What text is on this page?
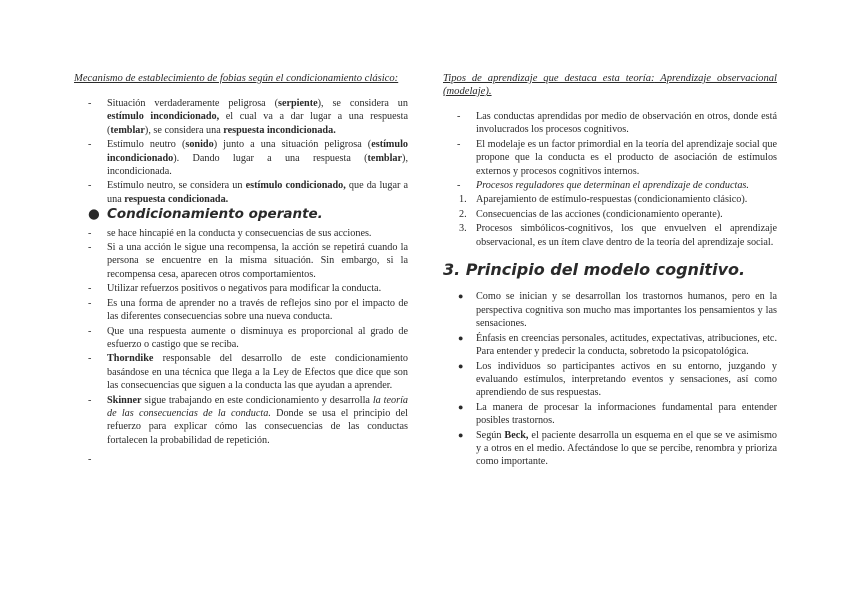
Mecanismo de establecimiento de fobias según el condicionamiento clásico:
- Situación verdaderamente peligrosa (serpiente), se considera un estímulo incondicionado, el cual va a dar lugar a una respuesta (temblar), se considera una respuesta incondicionada.
- Estímulo neutro (sonido) junto a una situación peligrosa (estímulo incondicionado). Dando lugar a una respuesta (temblar), incondicionada.
- Estímulo neutro, se considera un estímulo condicionado, que da lugar a una respuesta condicionada.
● Condicionamiento operante.
- se hace hincapié en la conducta y consecuencias de sus acciones.
- Si a una acción le sigue una recompensa, la acción se repetirá cuando la persona se encuentre en la misma situación. Sin embargo, si la recompensa cesa, aparecen otros comportamientos.
- Utilizar refuerzos positivos o negativos para modificar la conducta.
- Es una forma de aprender no a través de reflejos sino por el impacto de las diferentes consecuencias sobre una nueva conducta.
- Que una respuesta aumente o disminuya es proporcional al grado de esfuerzo o castigo que se reciba.
- Thorndike responsable del desarrollo de este condicionamiento basándose en una técnica que llega a la Ley de Efectos que dice que son las consecuencias que siguen a la conducta las que ayudan a aprender.
- Skinner sigue trabajando en este condicionamiento y desarrolla la teoría de las consecuencias de la conducta. Donde se usa el principio del refuerzo para explicar cómo las consecuencias de las conductas fortalecen la probabilidad de repetición.
-

Tipos de aprendizaje que destaca esta teoría: Aprendizaje observacional (modelaje).
- Las conductas aprendidas por medio de observación en otros, donde está involucrados los procesos cognitivos.
- El modelaje es un factor primordial en la teoría del aprendizaje social que propone que la conducta es el producto de asociación de estímulos externos y procesos cognitivos internos.
- Procesos reguladores que determinan el aprendizaje de conductas.
1. Aparejamiento de estímulo-respuestas (condicionamiento clásico).
2. Consecuencias de las acciones (condicionamiento operante).
3. Procesos simbólicos-cognitivos, los que envuelven el aprendizaje observacional, es un ítem clave dentro de la teoría del aprendizaje social.
3. Principio del modelo cognitivo.
● Como se inician y se desarrollan los trastornos humanos, pero en la perspectiva cognitiva son mucho mas importantes los pensamientos y las sensaciones.
● Énfasis en creencias personales, actitudes, expectativas, atribuciones, etc. Para entender y predecir la conducta, sobretodo la psicopatológica.
● Los individuos so participantes activos en su entorno, juzgando y evaluando estímulos, interpretando eventos y sensaciones, así como aprendiendo de sus respuestas.
● La manera de procesar la informaciones fundamental para entender posibles trastornos.
● Según Beck, el paciente desarrolla un esquema en el que se ve asimismo y a otros en el medio. Afectándose lo que se percibe, renombra y prioriza como importante.
